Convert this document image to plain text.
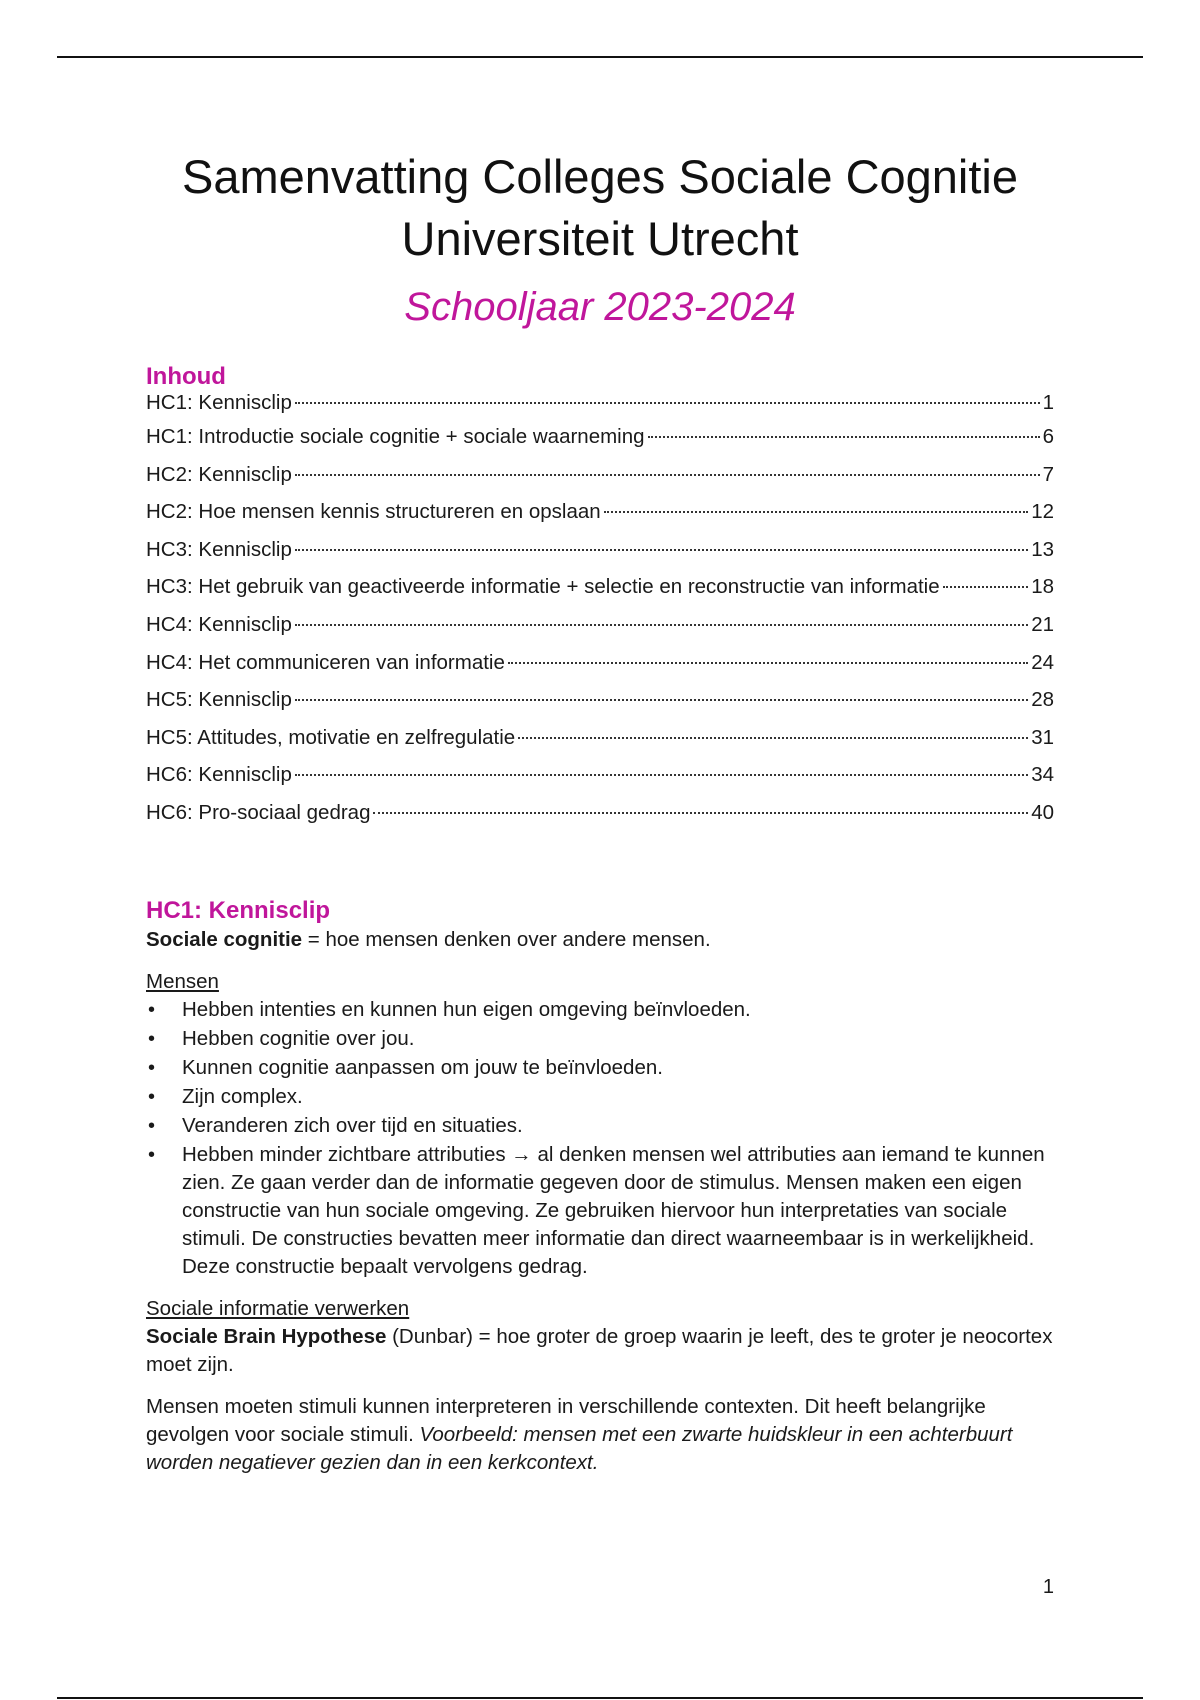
Samenvatting Colleges Sociale Cognitie
Universiteit Utrecht
Schooljaar 2023-2024
Inhoud
HC1: Kennisclip	1
HC1: Introductie sociale cognitie + sociale waarneming	6
HC2: Kennisclip	7
HC2: Hoe mensen kennis structureren en opslaan	12
HC3: Kennisclip	13
HC3: Het gebruik van geactiveerde informatie + selectie en reconstructie van informatie	18
HC4: Kennisclip	21
HC4: Het communiceren van informatie	24
HC5: Kennisclip	28
HC5: Attitudes, motivatie en zelfregulatie	31
HC6: Kennisclip	34
HC6: Pro-sociaal gedrag	40
HC1: Kennisclip

Sociale cognitie = hoe mensen denken over andere mensen.

Mensen

• Hebben intenties en kunnen hun eigen omgeving beïnvloeden.
• Hebben cognitie over jou.
• Kunnen cognitie aanpassen om jouw te beïnvloeden.
• Zijn complex.
• Veranderen zich over tijd en situaties.
• Hebben minder zichtbare attributies → al denken mensen wel attributies aan iemand te kunnen zien. Ze gaan verder dan de informatie gegeven door de stimulus. Mensen maken een eigen constructie van hun sociale omgeving. Ze gebruiken hiervoor hun interpretaties van sociale stimuli. De constructies bevatten meer informatie dan direct waarneembaar is in werkelijkheid. Deze constructie bepaalt vervolgens gedrag.

Sociale informatie verwerken

Sociale Brain Hypothese (Dunbar) = hoe groter de groep waarin je leeft, des te groter je neocortex moet zijn.

Mensen moeten stimuli kunnen interpreteren in verschillende contexten. Dit heeft belangrijke gevolgen voor sociale stimuli. Voorbeeld: mensen met een zwarte huidskleur in een achterbuurt worden negatiever gezien dan in een kerkcontext.

1
